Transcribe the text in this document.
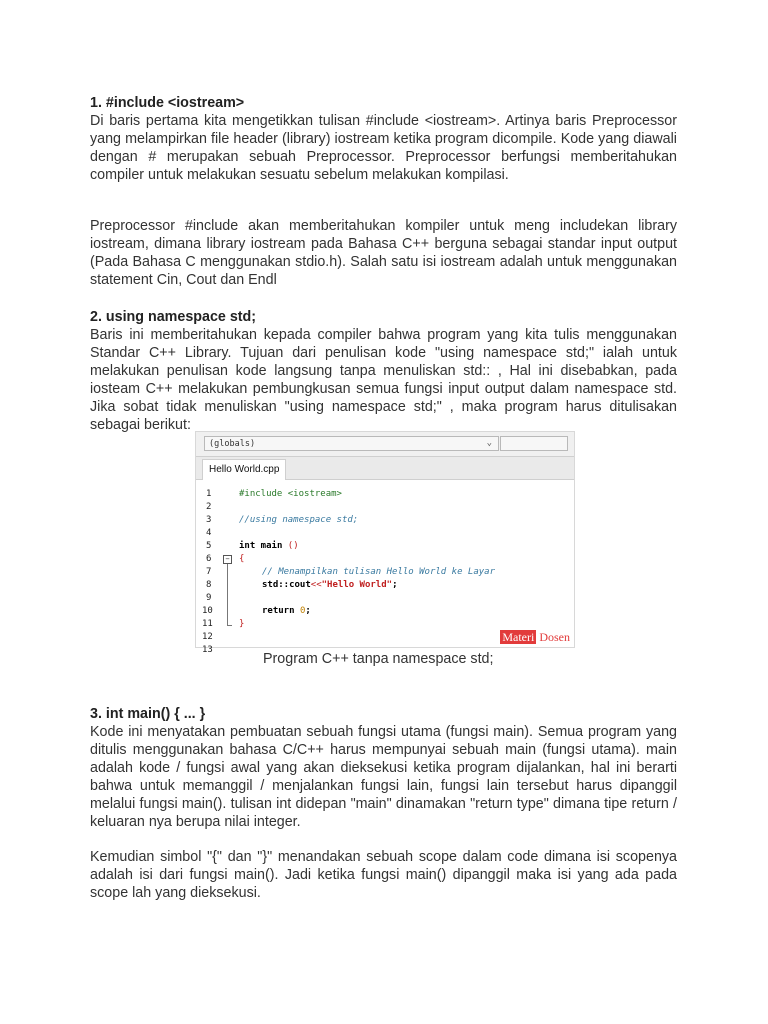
1. #include <iostream>

Di baris pertama kita mengetikkan tulisan #include <iostream>. Artinya baris Preprocessor yang melampirkan file header (library) iostream ketika program dicompile. Kode yang diawali dengan # merupakan sebuah Preprocessor. Preprocessor berfungsi memberitahukan compiler untuk melakukan sesuatu sebelum melakukan kompilasi.

Preprocessor #include akan memberitahukan kompiler untuk meng includekan library iostream, dimana library iostream pada Bahasa C++ berguna sebagai standar input output (Pada Bahasa C menggunakan stdio.h). Salah satu isi iostream adalah untuk menggunakan statement Cin, Cout dan Endl

2. using namespace std;

Baris ini memberitahukan kepada compiler bahwa program yang kita tulis menggunakan Standar C++ Library. Tujuan dari penulisan kode "using namespace std;" ialah untuk melakukan penulisan kode langsung tanpa menuliskan std:: , Hal ini disebabkan, pada iosteam C++ melakukan pembungkusan semua fungsi input output dalam namespace std. Jika sobat tidak menuliskan "using namespace std;" , maka program harus ditulisakan sebagai berikut:

(globals)	⌄
Hello World.cpp
1	#include <iostream>
2
3	//using namespace std;
4
5	int main ()
6	− {
7	// Menampilkan tulisan Hello World ke Layar
8	std::cout<<"Hello World";
9
10	return 0;
11	}
12
13
Materi Dosen
Program C++ tanpa namespace std;
3. int main() { ... }

Kode ini menyatakan pembuatan sebuah fungsi utama (fungsi main). Semua program yang ditulis menggunakan bahasa C/C++ harus mempunyai sebuah main (fungsi utama). main adalah kode / fungsi awal yang akan dieksekusi ketika program dijalankan, hal ini berarti bahwa untuk memanggil / menjalankan fungsi lain, fungsi lain tersebut harus dipanggil melalui fungsi main(). tulisan int didepan "main" dinamakan "return type" dimana tipe return / keluaran nya berupa nilai integer.

Kemudian simbol "{" dan "}" menandakan sebuah scope dalam code dimana isi scopenya adalah isi dari fungsi main(). Jadi ketika fungsi main() dipanggil maka isi yang ada pada scope lah yang dieksekusi.
